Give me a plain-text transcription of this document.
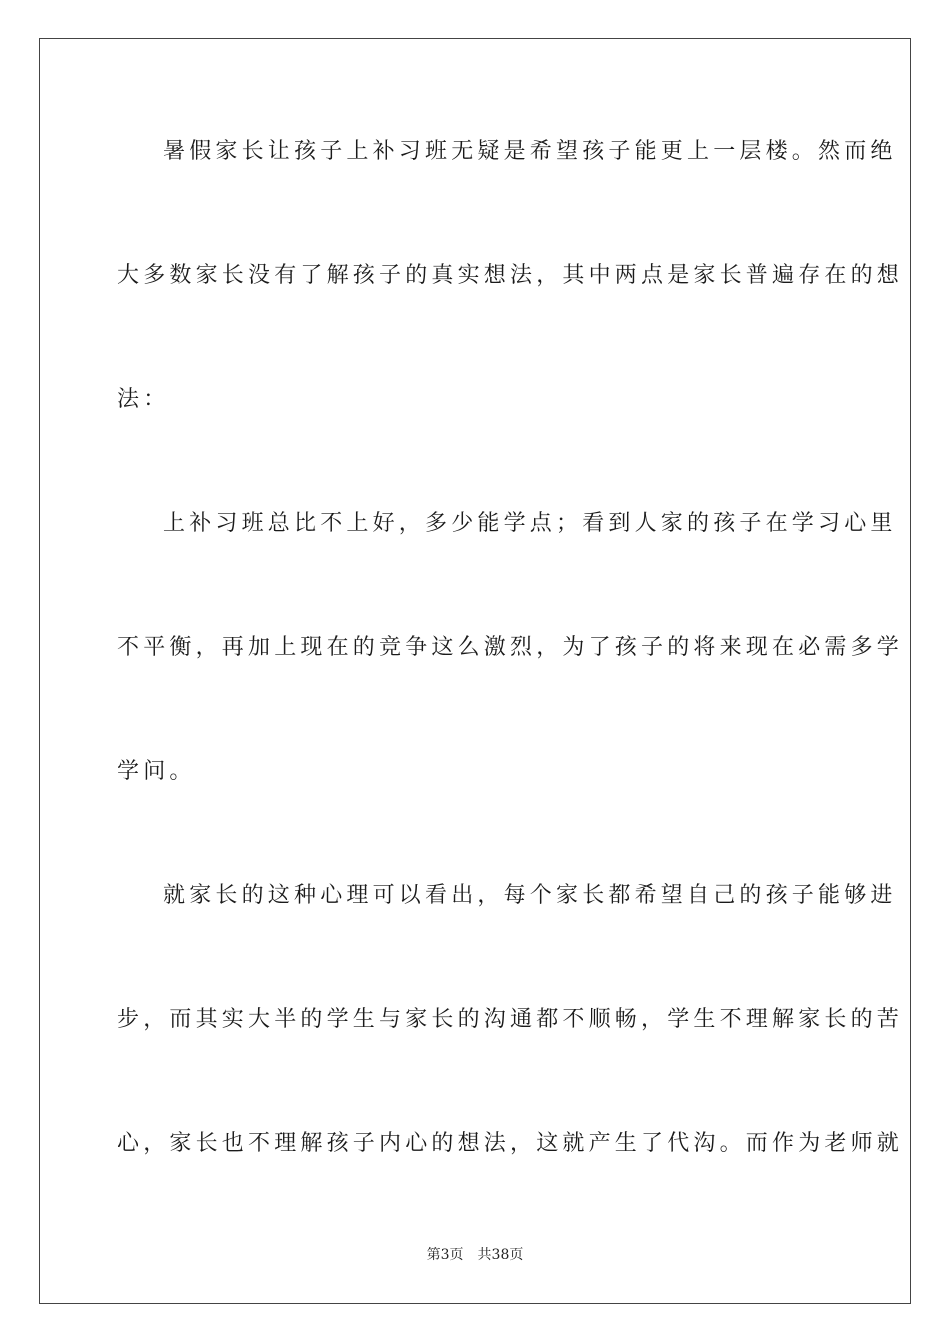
暑假家长让孩子上补习班无疑是希望孩子能更上一层楼。然而绝
大多数家长没有了解孩子的真实想法，其中两点是家长普遍存在的想
法：
上补习班总比不上好，多少能学点；看到人家的孩子在学习心里
不平衡，再加上现在的竞争这么激烈，为了孩子的将来现在必需多学
学问。
就家长的这种心理可以看出，每个家长都希望自己的孩子能够进
步，而其实大半的学生与家长的沟通都不顺畅，学生不理解家长的苦
心，家长也不理解孩子内心的想法，这就产生了代沟。而作为老师就
第3页 共38页
